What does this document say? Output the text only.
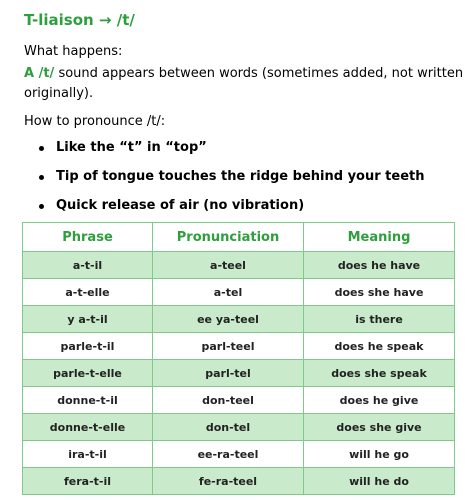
T-liaison → /t/
What happens:
A /t/ sound appears between words (sometimes added, not written
originally).
How to pronounce /t/:
Like the “t” in “top”
Tip of tongue touches the ridge behind your teeth
Quick release of air (no vibration)
Phrase	Pronunciation	Meaning
a-t-il	a-teel	does he have
a-t-elle	a-tel	does she have
y a-t-il	ee ya-teel	is there
parle-t-il	parl-teel	does he speak
parle-t-elle	parl-tel	does she speak
donne-t-il	don-teel	does he give
donne-t-elle	don-tel	does she give
ira-t-il	ee-ra-teel	will he go
fera-t-il	fe-ra-teel	will he do
